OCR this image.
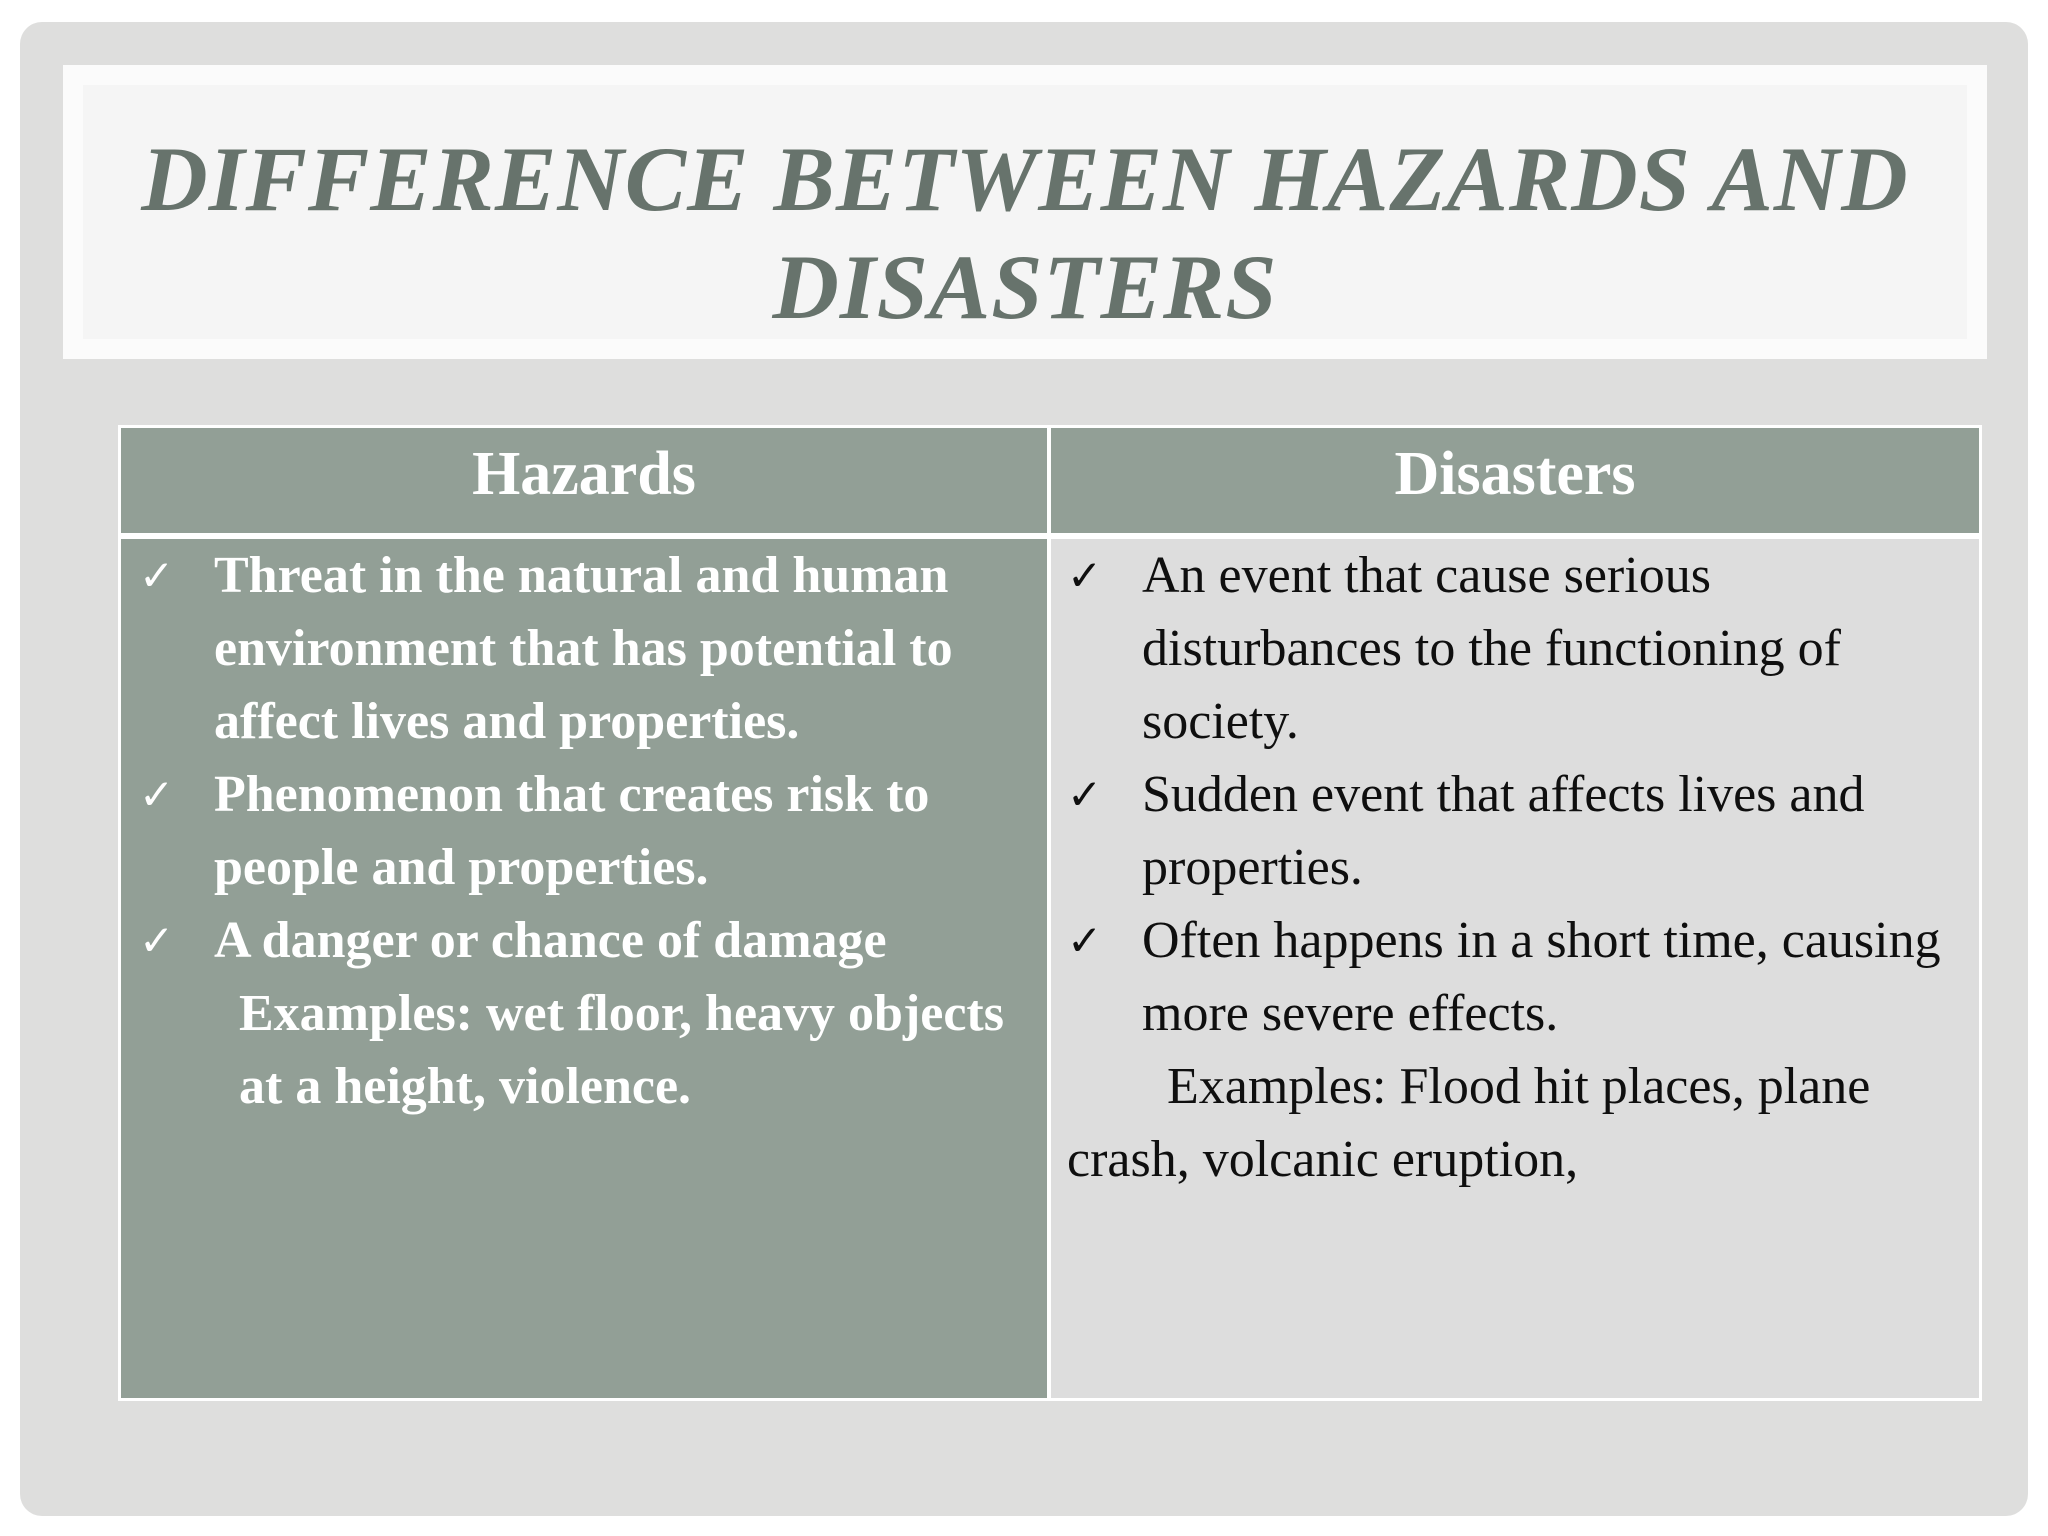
DIFFERENCE BETWEEN HAZARDS AND
DISASTERS
Hazards	Disasters
✓ Threat in the natural and human environment that has potential to affect lives and properties.
✓ Phenomenon that creates risk to people and properties.
✓ A danger or chance of damage
Examples: wet floor, heavy objects at a height, violence.
✓ An event that cause serious disturbances to the functioning of society.
✓ Sudden event that affects lives and properties.
✓ Often happens in a short time, causing more severe effects.
Examples: Flood hit places, plane crash, volcanic eruption,
